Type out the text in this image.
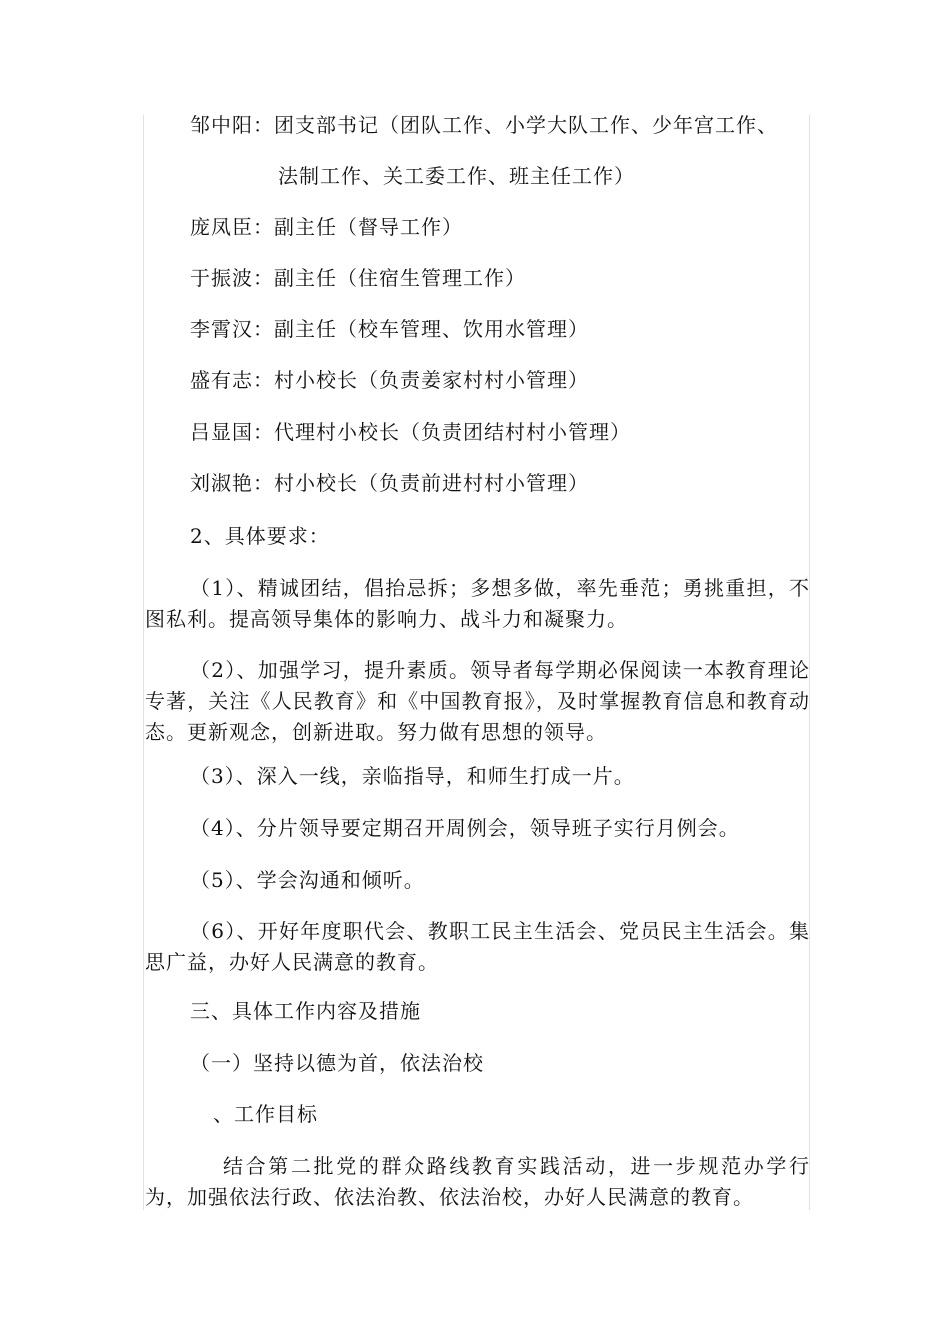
邹中阳：团支部书记（团队工作、小学大队工作、少年宫工作、
法制工作、关工委工作、班主任工作）
庞凤臣：副主任（督导工作）
于振波：副主任（住宿生管理工作）
李霄汉：副主任（校车管理、饮用水管理）
盛有志：村小校长（负责姜家村村小管理）
吕显国：代理村小校长（负责团结村村小管理）
刘淑艳：村小校长（负责前进村村小管理）
2、具体要求：
（1）、精诚团结，倡抬忌拆；多想多做，率先垂范；勇挑重担，不图私利。提高领导集体的影响力、战斗力和凝聚力。
（2）、加强学习，提升素质。领导者每学期必保阅读一本教育理论专著，关注《人民教育》和《中国教育报》，及时掌握教育信息和教育动态。更新观念，创新进取。努力做有思想的领导。
（3）、深入一线，亲临指导，和师生打成一片。
（4）、分片领导要定期召开周例会，领导班子实行月例会。
（5）、学会沟通和倾听。
（6）、开好年度职代会、教职工民主生活会、党员民主生活会。集思广益，办好人民满意的教育。
三、具体工作内容及措施
（一）坚持以德为首，依法治校
、工作目标
结合第二批党的群众路线教育实践活动，进一步规范办学行为，加强依法行政、依法治教、依法治校，办好人民满意的教育。
